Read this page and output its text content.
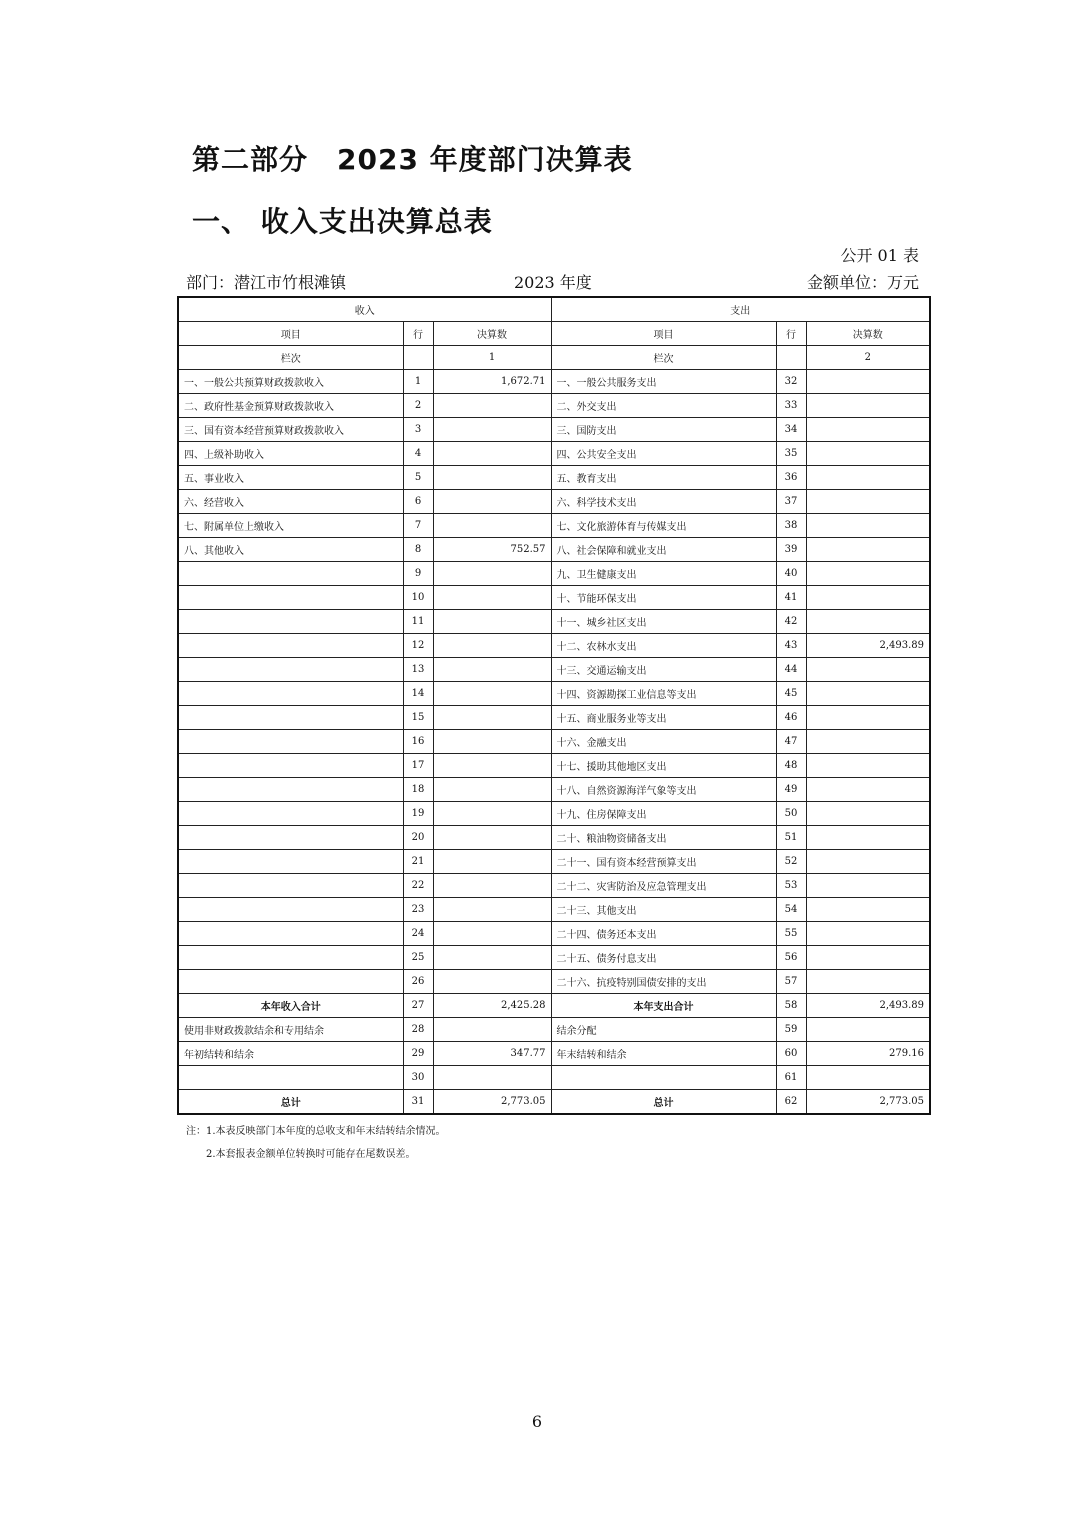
第二部分　2023 年度部门决算表
一、 收入支出决算总表
公开 01 表
部门：潜江市竹根滩镇	2023 年度	金额单位：万元
收入			支出		
项目	行	决算数	项目	行	决算数
栏次		1	栏次		2
一、一般公共预算财政拨款收入	1	1,672.71	一、一般公共服务支出	32	
二、政府性基金预算财政拨款收入	2		二、外交支出	33	
三、国有资本经营预算财政拨款收入	3		三、国防支出	34	
四、上级补助收入	4		四、公共安全支出	35	
五、事业收入	5		五、教育支出	36	
六、经营收入	6		六、科学技术支出	37	
七、附属单位上缴收入	7		七、文化旅游体育与传媒支出	38	
八、其他收入	8	752.57	八、社会保障和就业支出	39	
	9		九、卫生健康支出	40	
	10		十、节能环保支出	41	
	11		十一、城乡社区支出	42	
	12		十二、农林水支出	43	2,493.89
	13		十三、交通运输支出	44	
	14		十四、资源勘探工业信息等支出	45	
	15		十五、商业服务业等支出	46	
	16		十六、金融支出	47	
	17		十七、援助其他地区支出	48	
	18		十八、自然资源海洋气象等支出	49	
	19		十九、住房保障支出	50	
	20		二十、粮油物资储备支出	51	
	21		二十一、国有资本经营预算支出	52	
	22		二十二、灾害防治及应急管理支出	53	
	23		二十三、其他支出	54	
	24		二十四、债务还本支出	55	
	25		二十五、债务付息支出	56	
	26		二十六、抗疫特别国债安排的支出	57	
本年收入合计	27	2,425.28	本年支出合计	58	2,493.89
使用非财政拨款结余和专用结余	28		结余分配	59	
年初结转和结余	29	347.77	年末结转和结余	60	279.16
	30			61	
总计	31	2,773.05	总计	62	2,773.05
注：1.本表反映部门本年度的总收支和年末结转结余情况。
2.本套报表金额单位转换时可能存在尾数误差。
6
